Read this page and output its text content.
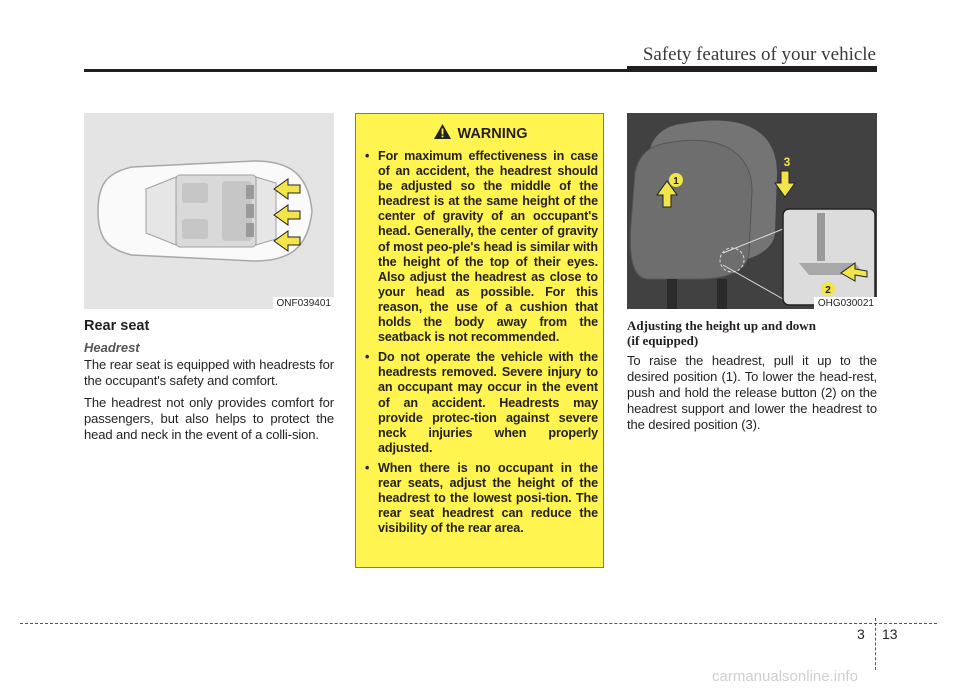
Safety features of your vehicle
ONF039401
Rear seat
Headrest

The rear seat is equipped with headrests for the occupant's safety and comfort.

The headrest not only provides comfort for passengers, but also helps to protect the head and neck in the event of a colli-sion.

WARNING
• For maximum effectiveness in case of an accident, the headrest should be adjusted so the middle of the headrest is at the same height of the center of gravity of an occupant's head. Generally, the center of gravity of most peo-ple's head is similar with the height of the top of their eyes. Also adjust the headrest as close to your head as possible. For this reason, the use of a cushion that holds the body away from the seatback is not recommended.
• Do not operate the vehicle with the headrests removed. Severe injury to an occupant may occur in the event of an accident. Headrests may provide protec-tion against severe neck injuries when properly adjusted.
• When there is no occupant in the rear seats, adjust the height of the headrest to the lowest posi-tion. The rear seat headrest can reduce the visibility of the rear area.
1
2
3
OHG030021
Adjusting the height up and down
(if equipped)

To raise the headrest, pull it up to the desired position (1). To lower the head-rest, push and hold the release button (2) on the headrest support and lower the headrest to the desired position (3).

3 13
carmanualsonline.info
